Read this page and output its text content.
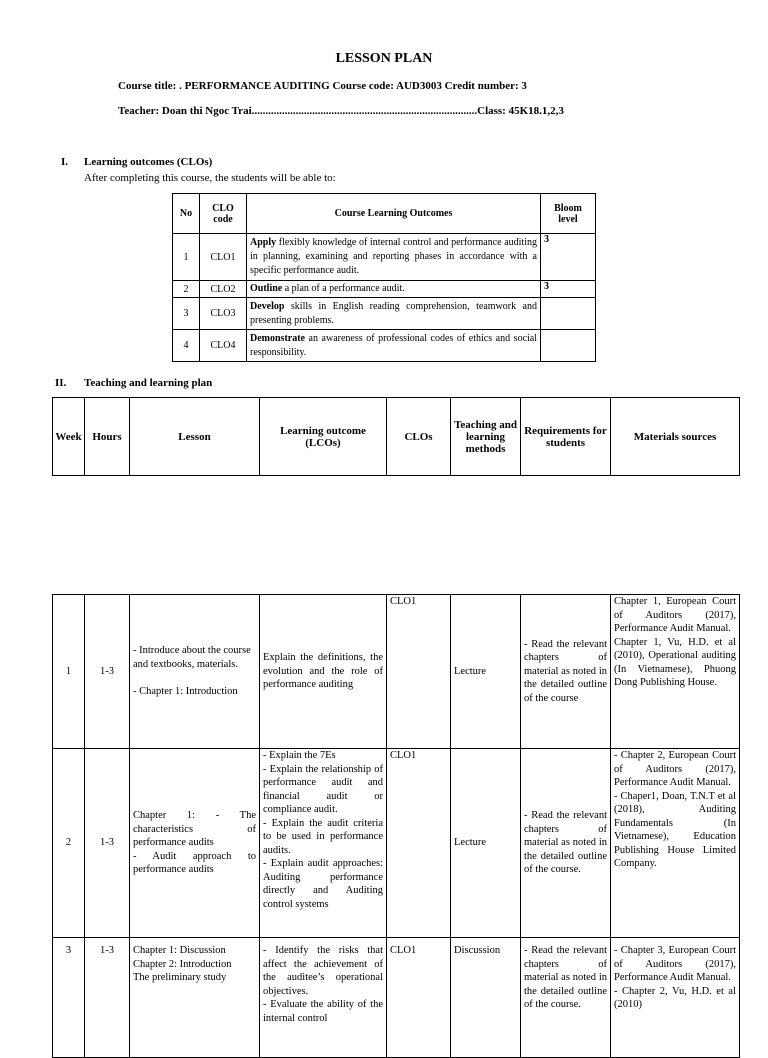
LESSON PLAN
Course title: . PERFORMANCE AUDITING Course code: AUD3003 Credit number: 3
Teacher: Doan thi Ngoc Trai..................................................................................Class: 45K18.1,2,3
I. Learning outcomes (CLOs)
After completing this course, the students will be able to:
No	CLO code	Course Learning Outcomes	Bloom level
1	CLO1	Apply flexibly knowledge of internal control and performance auditing in planning, examining and reporting phases in accordance with a specific performance audit.	3
2	CLO2	Outline a plan of a performance audit.	3
3	CLO3	Develop skills in English reading comprehension, teamwork and presenting problems.	
4	CLO4	Demonstrate an awareness of professional codes of ethics and social responsibility.	
II. Teaching and learning plan
Week	Hours	Lesson	Learning outcome (LCOs)	CLOs	Teaching and learning methods	Requirements for students	Materials sources
1	1-3	- Introduce about the course and textbooks, materials.
- Chapter 1: Introduction	Explain the definitions, the evolution and the role of performance auditing	CLO1	Lecture	- Read the relevant chapters of material as noted in the detailed outline of the course	Chapter 1, European Court of Auditors (2017), Performance Audit Manual.
Chapter 1, Vu, H.D. et al (2010), Operational auditing (In Vietnamese), Phuong Dong Publishing House.

2	1-3	Chapter 1: - The characteristics of performance audits
- Audit approach to performance audits	- Explain the 7Es
- Explain the relationship of performance audit and financial audit or compliance audit.
- Explain the audit criteria to be used in performance audits.
- Explain audit approaches: Auditing performance directly and Auditing control systems	CLO1	Lecture	- Read the relevant chapters of material as noted in the detailed outline of the course.	- Chapter 2, European Court of Auditors (2017), Performance Audit Manual.
- Chaper1, Doan, T.N.T et al (2018), Auditing Fundamentals (In Vietnamese), Education Publishing House Limited Company.

3	1-3	Chapter 1: Discussion
Chapter 2: Introduction
The preliminary study	- Identify the risks that affect the achievement of the auditee’s operational objectives.
- Evaluate the ability of the internal control	CLO1	Discussion	- Read the relevant chapters of material as noted in the detailed outline of the course.	- Chapter 3, European Court of Auditors (2017), Performance Audit Manual.
- Chapter 2, Vu, H.D. et al (2010)
